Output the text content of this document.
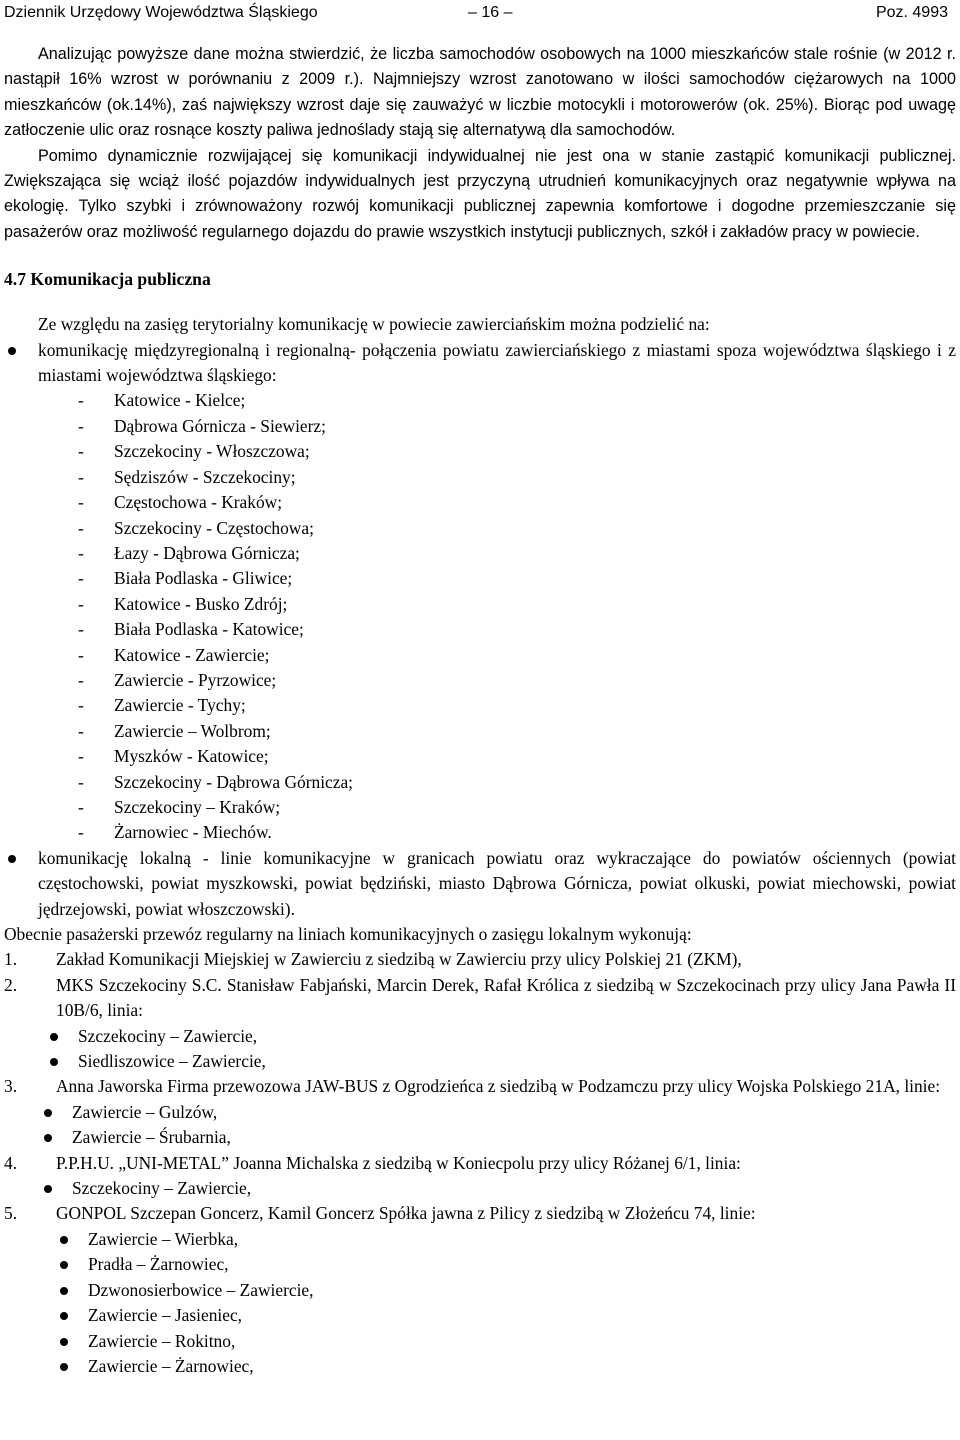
Dziennik Urzędowy Województwa Śląskiego	– 16 –	Poz. 4993

Analizując powyższe dane można stwierdzić, że liczba samochodów osobowych na 1000 mieszkańców stale rośnie (w 2012 r. nastąpił 16% wzrost w porównaniu z 2009 r.). Najmniejszy wzrost zanotowano w ilości samochodów ciężarowych na 1000 mieszkańców (ok.14%), zaś największy wzrost daje się zauważyć w liczbie motocykli i motorowerów (ok. 25%). Biorąc pod uwagę zatłoczenie ulic oraz rosnące koszty paliwa jednoślady stają się alternatywą dla samochodów.

Pomimo dynamicznie rozwijającej się komunikacji indywidualnej nie jest ona w stanie zastąpić komunikacji publicznej. Zwiększająca się wciąż ilość pojazdów indywidualnych jest przyczyną utrudnień komunikacyjnych oraz negatywnie wpływa na ekologię. Tylko szybki i zrównoważony rozwój komunikacji publicznej zapewnia komfortowe i dogodne przemieszczanie się pasażerów oraz możliwość regularnego dojazdu do prawie wszystkich instytucji publicznych, szkół i zakładów pracy w powiecie.

4.7 Komunikacja publiczna

Ze względu na zasięg terytorialny komunikację w powiecie zawierciańskim można podzielić na:

komunikację międzyregionalną i regionalną- połączenia powiatu zawierciańskiego z miastami spoza województwa śląskiego i z miastami województwa śląskiego:
- Katowice - Kielce;
- Dąbrowa Górnicza - Siewierz;
- Szczekociny - Włoszczowa;
- Sędziszów - Szczekociny;
- Częstochowa - Kraków;
- Szczekociny - Częstochowa;
- Łazy - Dąbrowa Górnicza;
- Biała Podlaska - Gliwice;
- Katowice - Busko Zdrój;
- Biała Podlaska - Katowice;
- Katowice - Zawiercie;
- Zawiercie - Pyrzowice;
- Zawiercie - Tychy;
- Zawiercie – Wolbrom;
- Myszków - Katowice;
- Szczekociny - Dąbrowa Górnicza;
- Szczekociny – Kraków;
- Żarnowiec - Miechów.
komunikację lokalną - linie komunikacyjne w granicach powiatu oraz wykraczające do powiatów ościennych (powiat częstochowski, powiat myszkowski, powiat będziński, miasto Dąbrowa Górnicza, powiat olkuski, powiat miechowski, powiat jędrzejowski, powiat włoszczowski).

Obecnie pasażerski przewóz regularny na liniach komunikacyjnych o zasięgu lokalnym wykonują:

1. Zakład Komunikacji Miejskiej w Zawierciu z siedzibą w Zawierciu przy ulicy Polskiej 21 (ZKM),
2. MKS Szczekociny S.C. Stanisław Fabjański, Marcin Derek, Rafał Królica z siedzibą w Szczekocinach przy ulicy Jana Pawła II 10B/6, linia:
Szczekociny – Zawiercie,
Siedliszowice – Zawiercie,
3. Anna Jaworska Firma przewozowa JAW-BUS z Ogrodzieńca z siedzibą w Podzamczu przy ulicy Wojska Polskiego 21A, linie:
Zawiercie – Gulzów,
Zawiercie – Śrubarnia,
4. P.P.H.U. „UNI-METAL” Joanna Michalska z siedzibą w Koniecpolu przy ulicy Różanej 6/1, linia:
Szczekociny – Zawiercie,
5. GONPOL Szczepan Goncerz, Kamil Goncerz Spółka jawna z Pilicy z siedzibą w Złożeńcu 74, linie:
Zawiercie – Wierbka,
Pradła – Żarnowiec,
Dzwonosierbowice – Zawiercie,
Zawiercie – Jasieniec,
Zawiercie – Rokitno,
Zawiercie – Żarnowiec,
